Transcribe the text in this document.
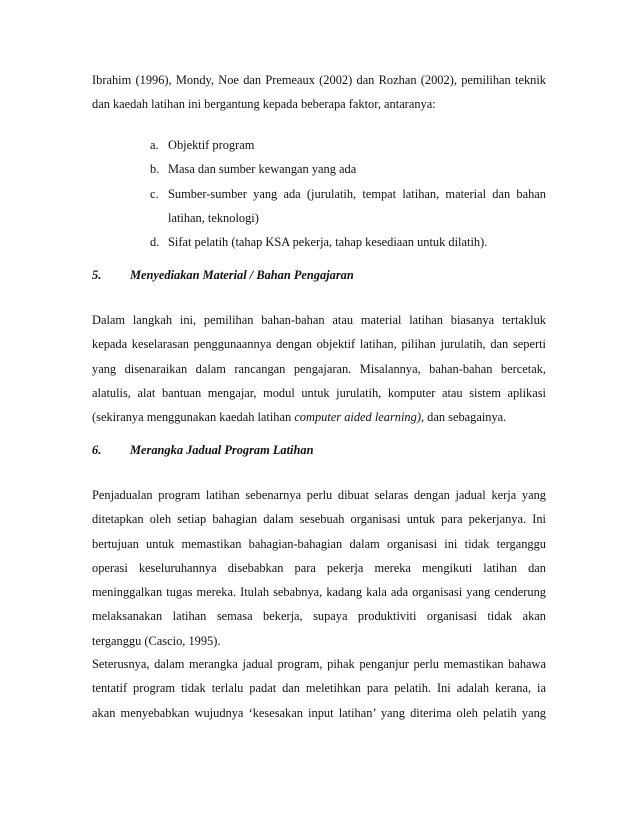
Ibrahim (1996), Mondy, Noe dan Premeaux (2002) dan Rozhan (2002), pemilihan teknik
dan kaedah latihan ini bergantung kepada beberapa faktor, antaranya:

a. Objektif program
b. Masa dan sumber kewangan yang ada
c. Sumber-sumber yang ada (jurulatih, tempat latihan, material dan bahan
latihan, teknologi)
d. Sifat pelatih (tahap KSA pekerja, tahap kesediaan untuk dilatih).
5. Menyediakan Material / Bahan Pengajaran

Dalam langkah ini, pemilihan bahan-bahan atau material latihan biasanya tertakluk
kepada keselarasan penggunaannya dengan objektif latihan, pilihan jurulatih, dan seperti
yang disenaraikan dalam rancangan pengajaran. Misalannya, bahan-bahan bercetak,
alatulis, alat bantuan mengajar, modul untuk jurulatih, komputer atau sistem aplikasi
(sekiranya menggunakan kaedah latihan computer aided learning), dan sebagainya.

6. Merangka Jadual Program Latihan

Penjadualan program latihan sebenarnya perlu dibuat selaras dengan jadual kerja yang
ditetapkan oleh setiap bahagian dalam sesebuah organisasi untuk para pekerjanya. Ini
bertujuan untuk memastikan bahagian-bahagian dalam organisasi ini tidak terganggu
operasi keseluruhannya disebabkan para pekerja mereka mengikuti latihan dan
meninggalkan tugas mereka. Itulah sebabnya, kadang kala ada organisasi yang cenderung
melaksanakan latihan semasa bekerja, supaya produktiviti organisasi tidak akan
terganggu (Cascio, 1995).

Seterusnya, dalam merangka jadual program, pihak penganjur perlu memastikan bahawa
tentatif program tidak terlalu padat dan meletihkan para pelatih. Ini adalah kerana, ia
akan menyebabkan wujudnya ‘kesesakan input latihan’ yang diterima oleh pelatih yang
